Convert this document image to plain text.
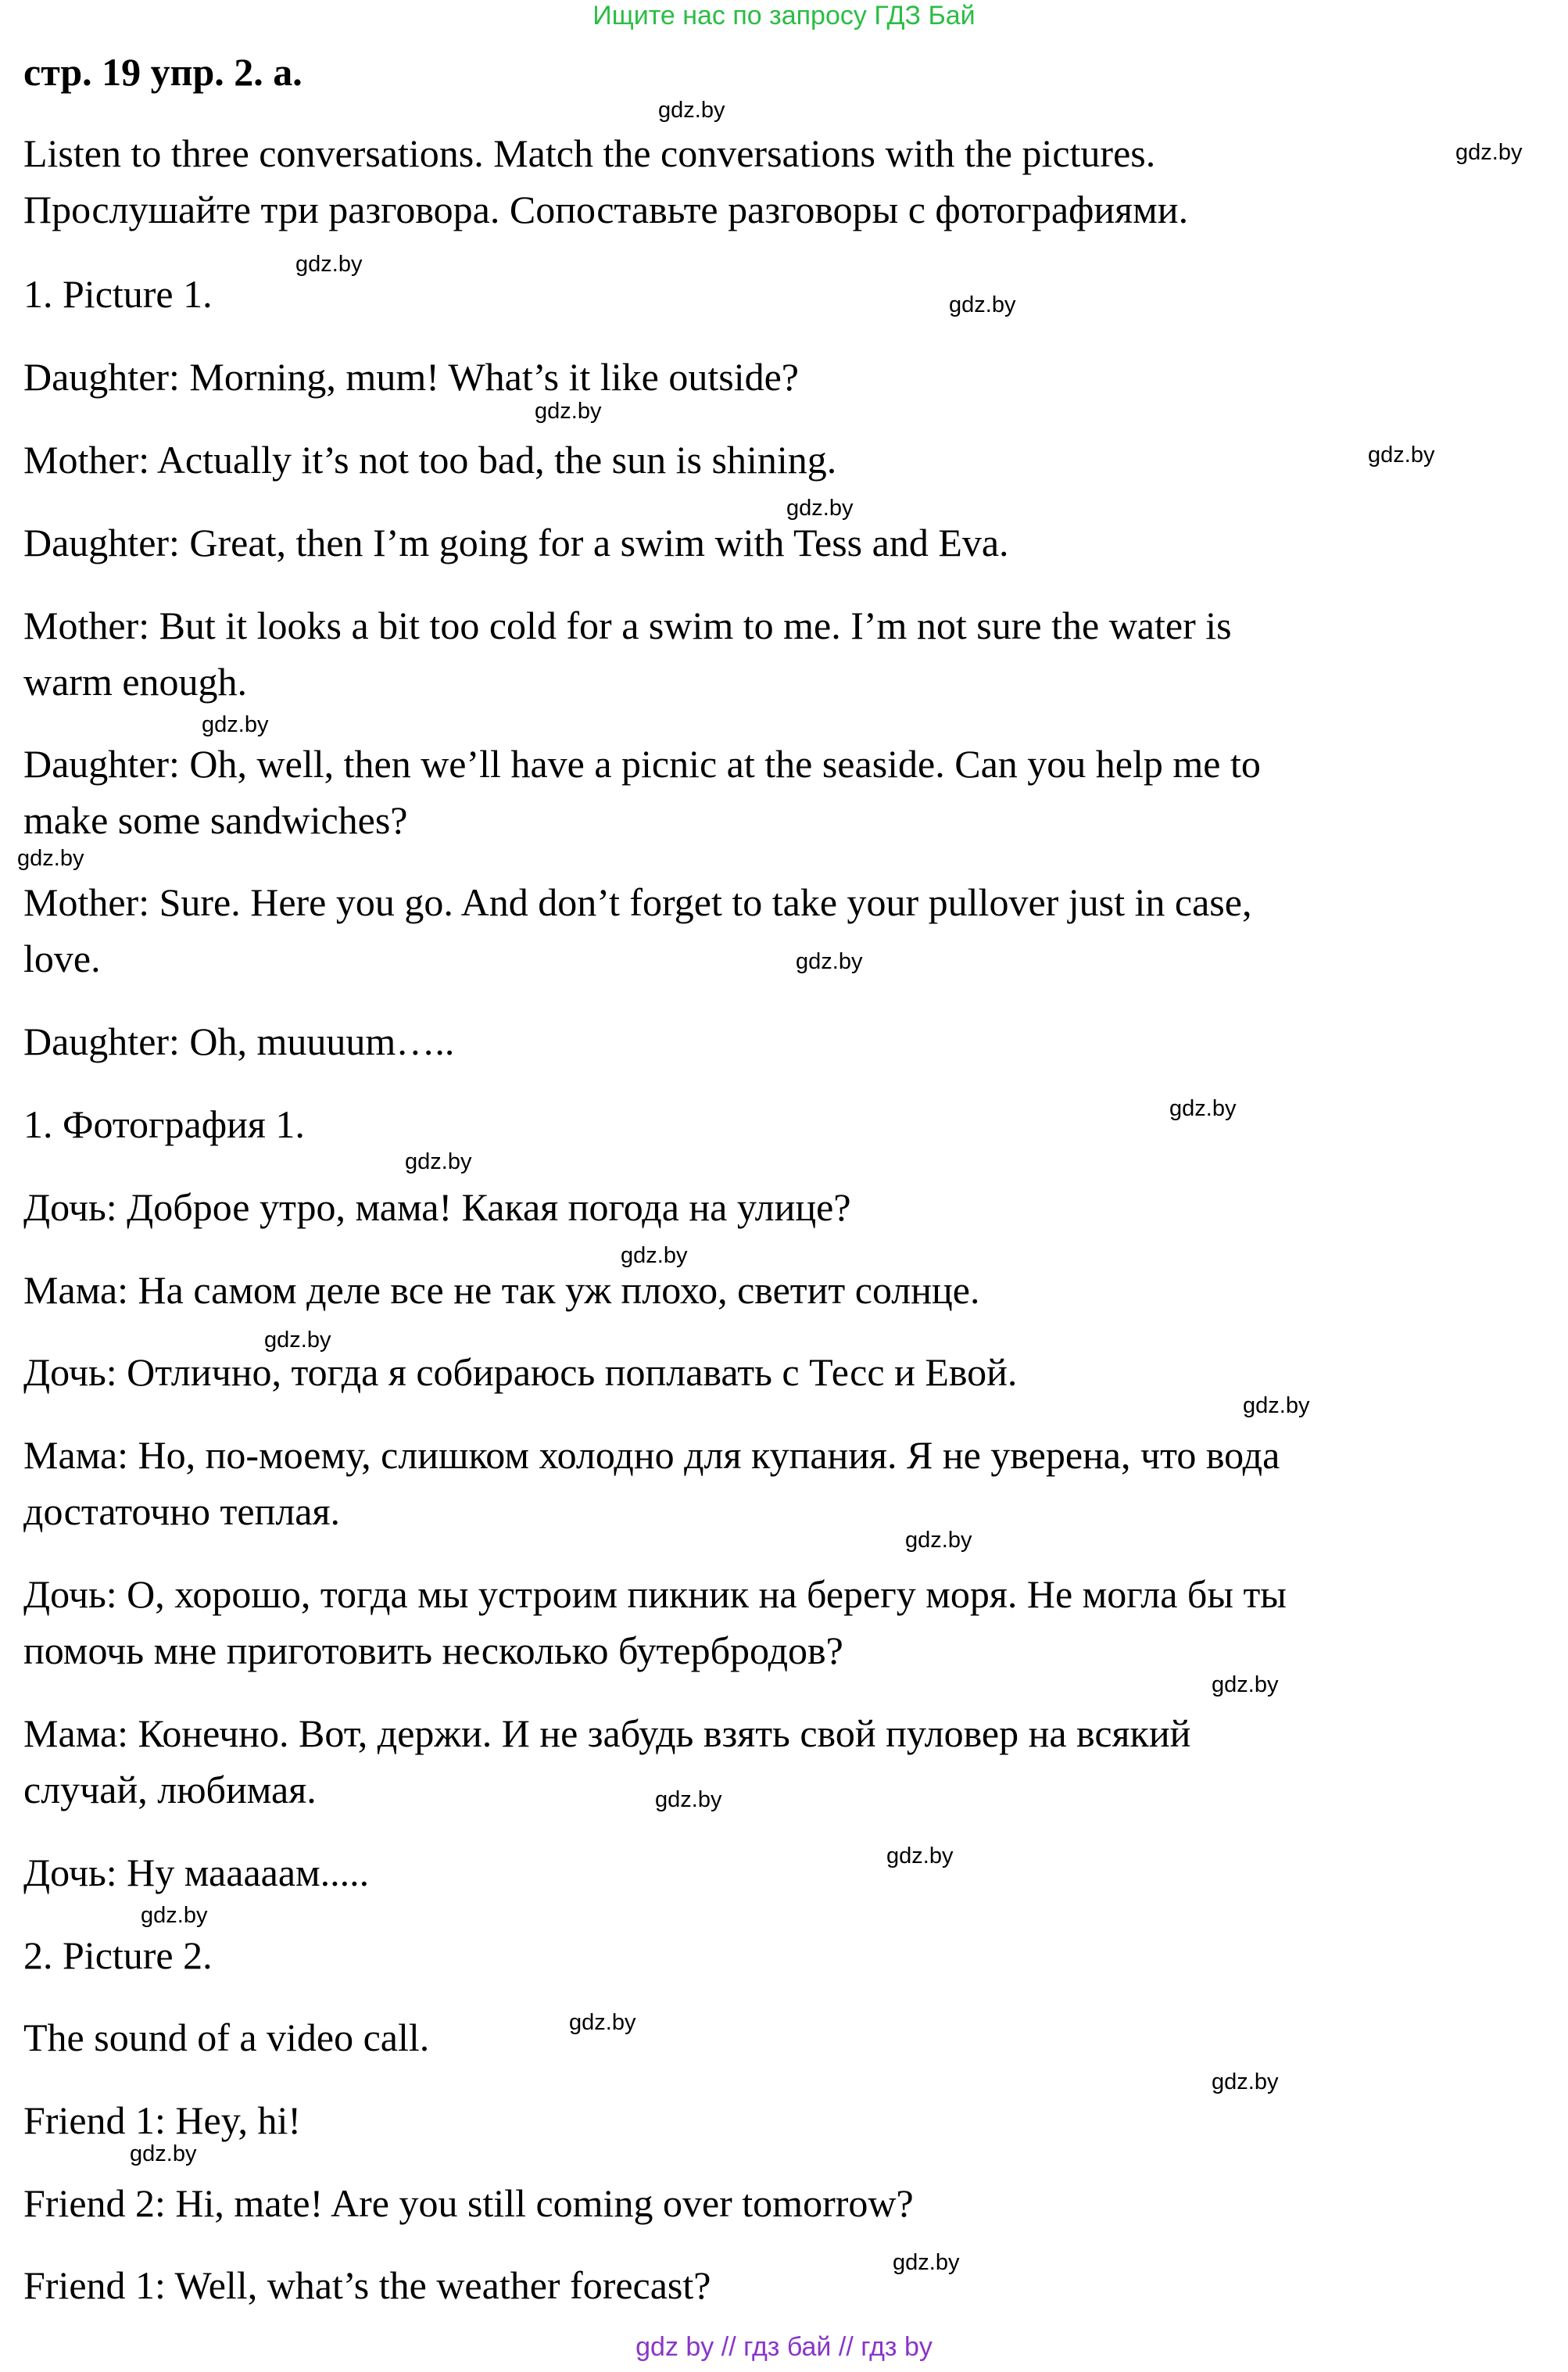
Ищите нас по запросу ГДЗ Бай
стр. 19 упр. 2. а.
Listen to three conversations. Match the conversations with the pictures.
Прослушайте три разговора. Сопоставьте разговоры с фотографиями.
1. Picture 1.
Daughter: Morning, mum! What’s it like outside?
Mother: Actually it’s not too bad, the sun is shining.
Daughter: Great, then I’m going for a swim with Tess and Eva.
Mother: But it looks a bit too cold for a swim to me. I’m not sure the water is
warm enough.
Daughter: Oh, well, then we’ll have a picnic at the seaside. Can you help me to
make some sandwiches?
Mother: Sure. Here you go. And don’t forget to take your pullover just in case,
love.
Daughter: Oh, muuuum…..
1. Фотография 1.
Дочь: Доброе утро, мама! Какая погода на улице?
Мама: На самом деле все не так уж плохо, светит солнце.
Дочь: Отлично, тогда я собираюсь поплавать с Тесс и Евой.
Мама: Но, по-моему, слишком холодно для купания. Я не уверена, что вода
достаточно теплая.
Дочь: О, хорошо, тогда мы устроим пикник на берегу моря. Не могла бы ты
помочь мне приготовить несколько бутербродов?
Мама: Конечно. Вот, держи. И не забудь взять свой пуловер на всякий
случай, любимая.
Дочь: Ну маааaам.....
2. Picture 2.
The sound of a video call.
Friend 1: Hey, hi!
Friend 2: Hi, mate! Are you still coming over tomorrow?
Friend 1: Well, what’s the weather forecast?
gdz.by
gdz.by
gdz.by
gdz.by
gdz.by
gdz.by
gdz.by
gdz.by
gdz.by
gdz.by
gdz.by
gdz.by
gdz.by
gdz.by
gdz.by
gdz.by
gdz.by
gdz.by
gdz.by
gdz.by
gdz.by
gdz.by
gdz.by
gdz.by
gdz by // гдз бай // гдз by
